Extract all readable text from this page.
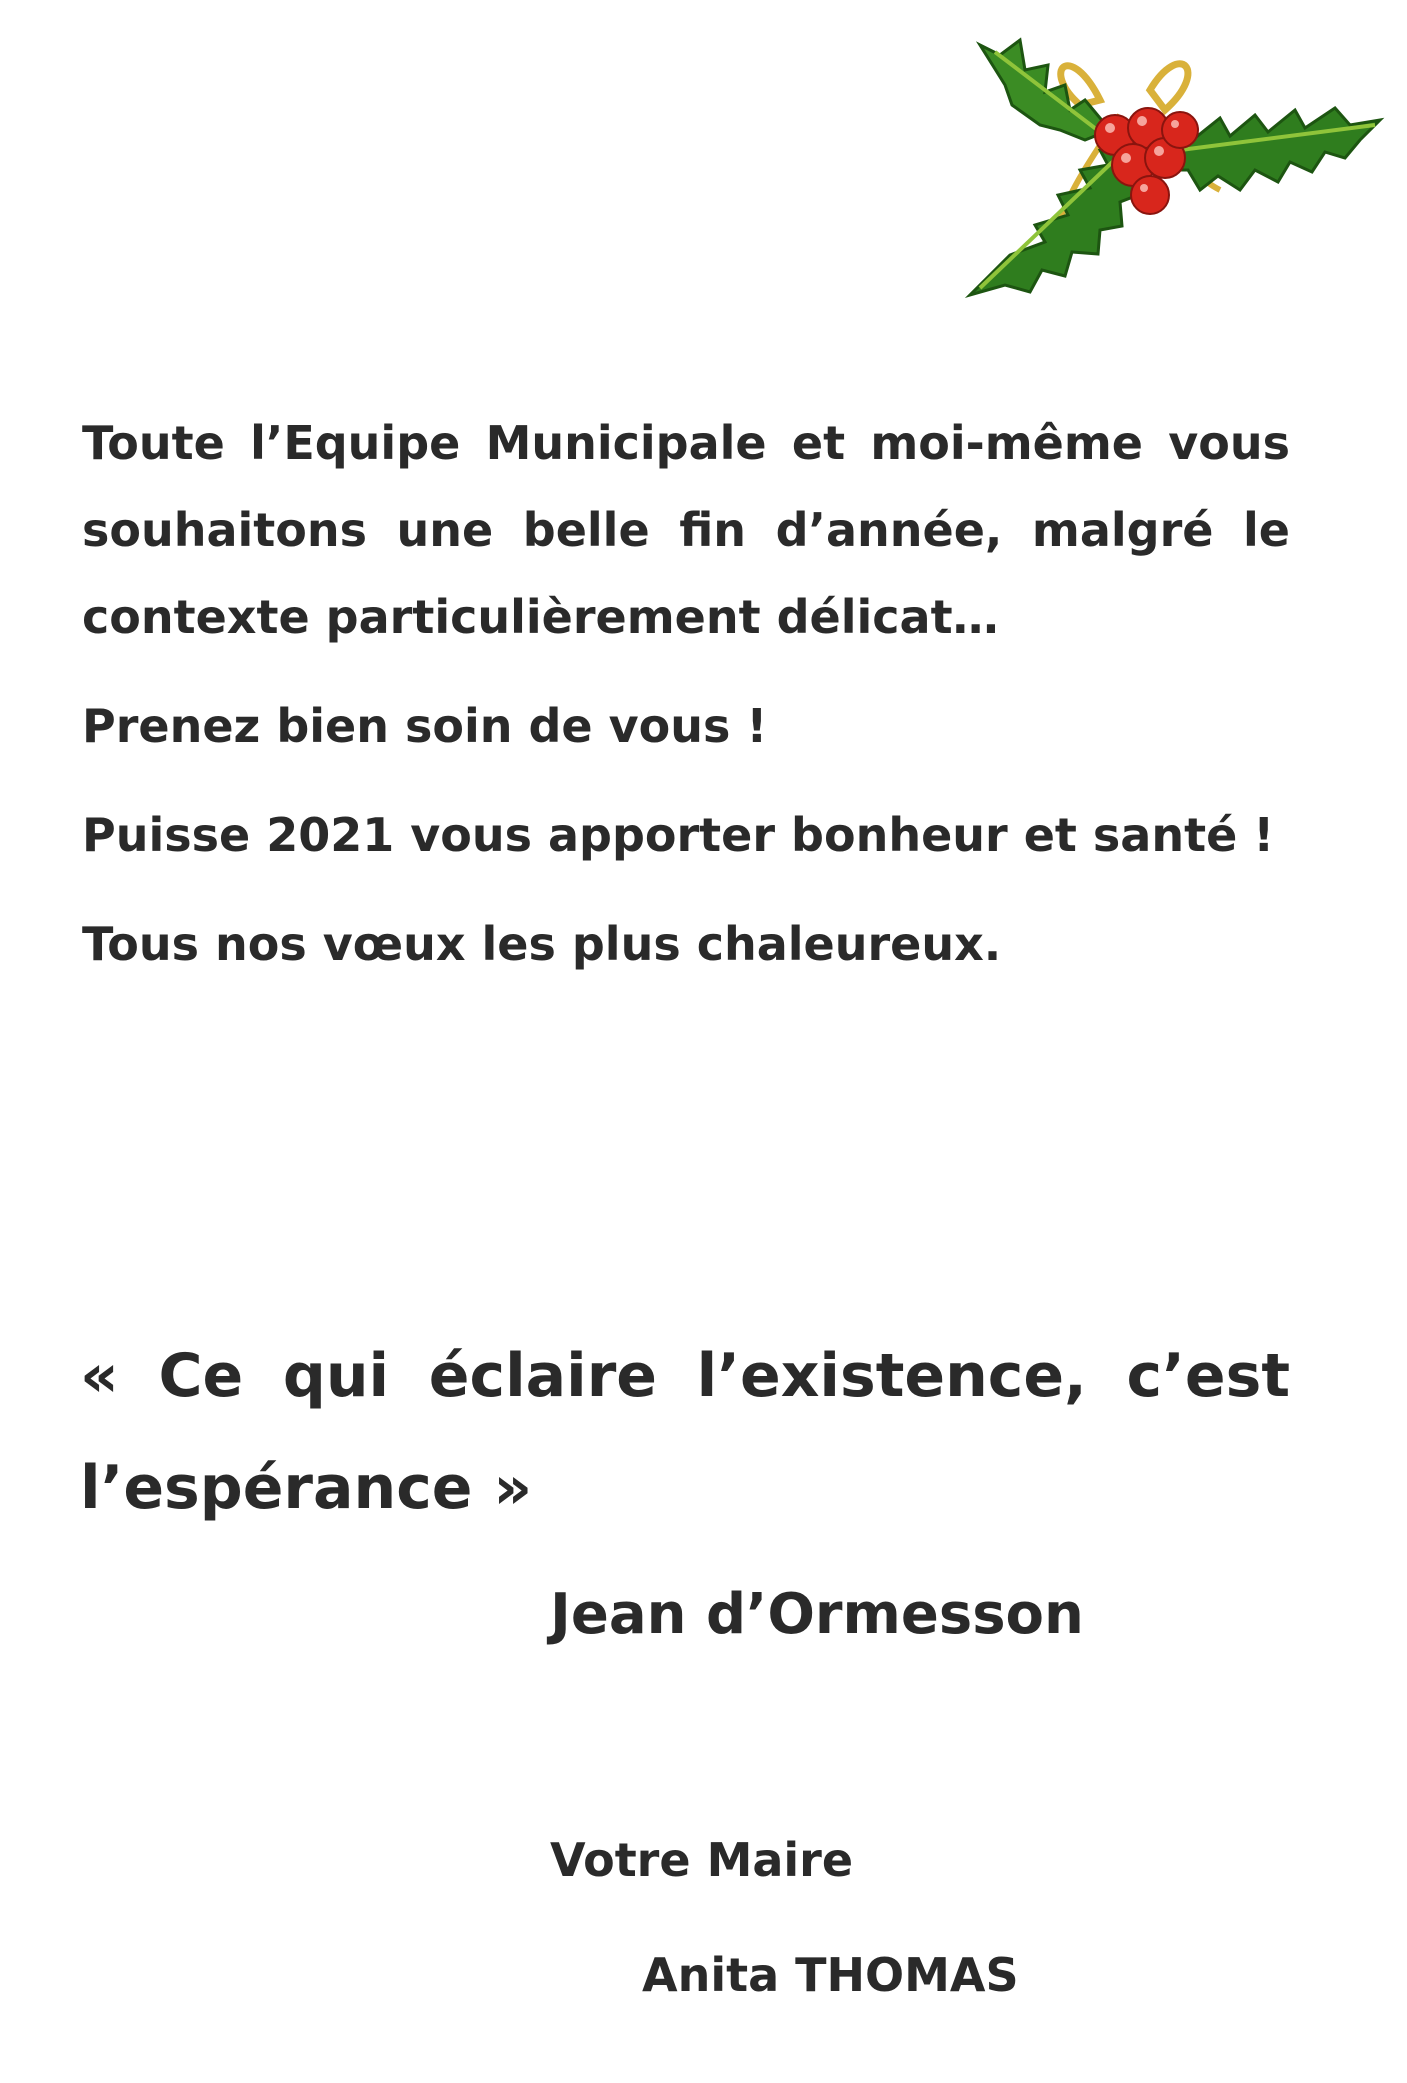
Toute l’Equipe Municipale et moi-même vous souhaitons une belle fin d’année, malgré le contexte particulièrement délicat…

Prenez bien soin de vous !

Puisse 2021 vous apporter bonheur et santé !

Tous nos vœux les plus chaleureux.

« Ce qui éclaire l’existence, c’est l’espérance »

Jean d’Ormesson

Votre Maire

Anita THOMAS
